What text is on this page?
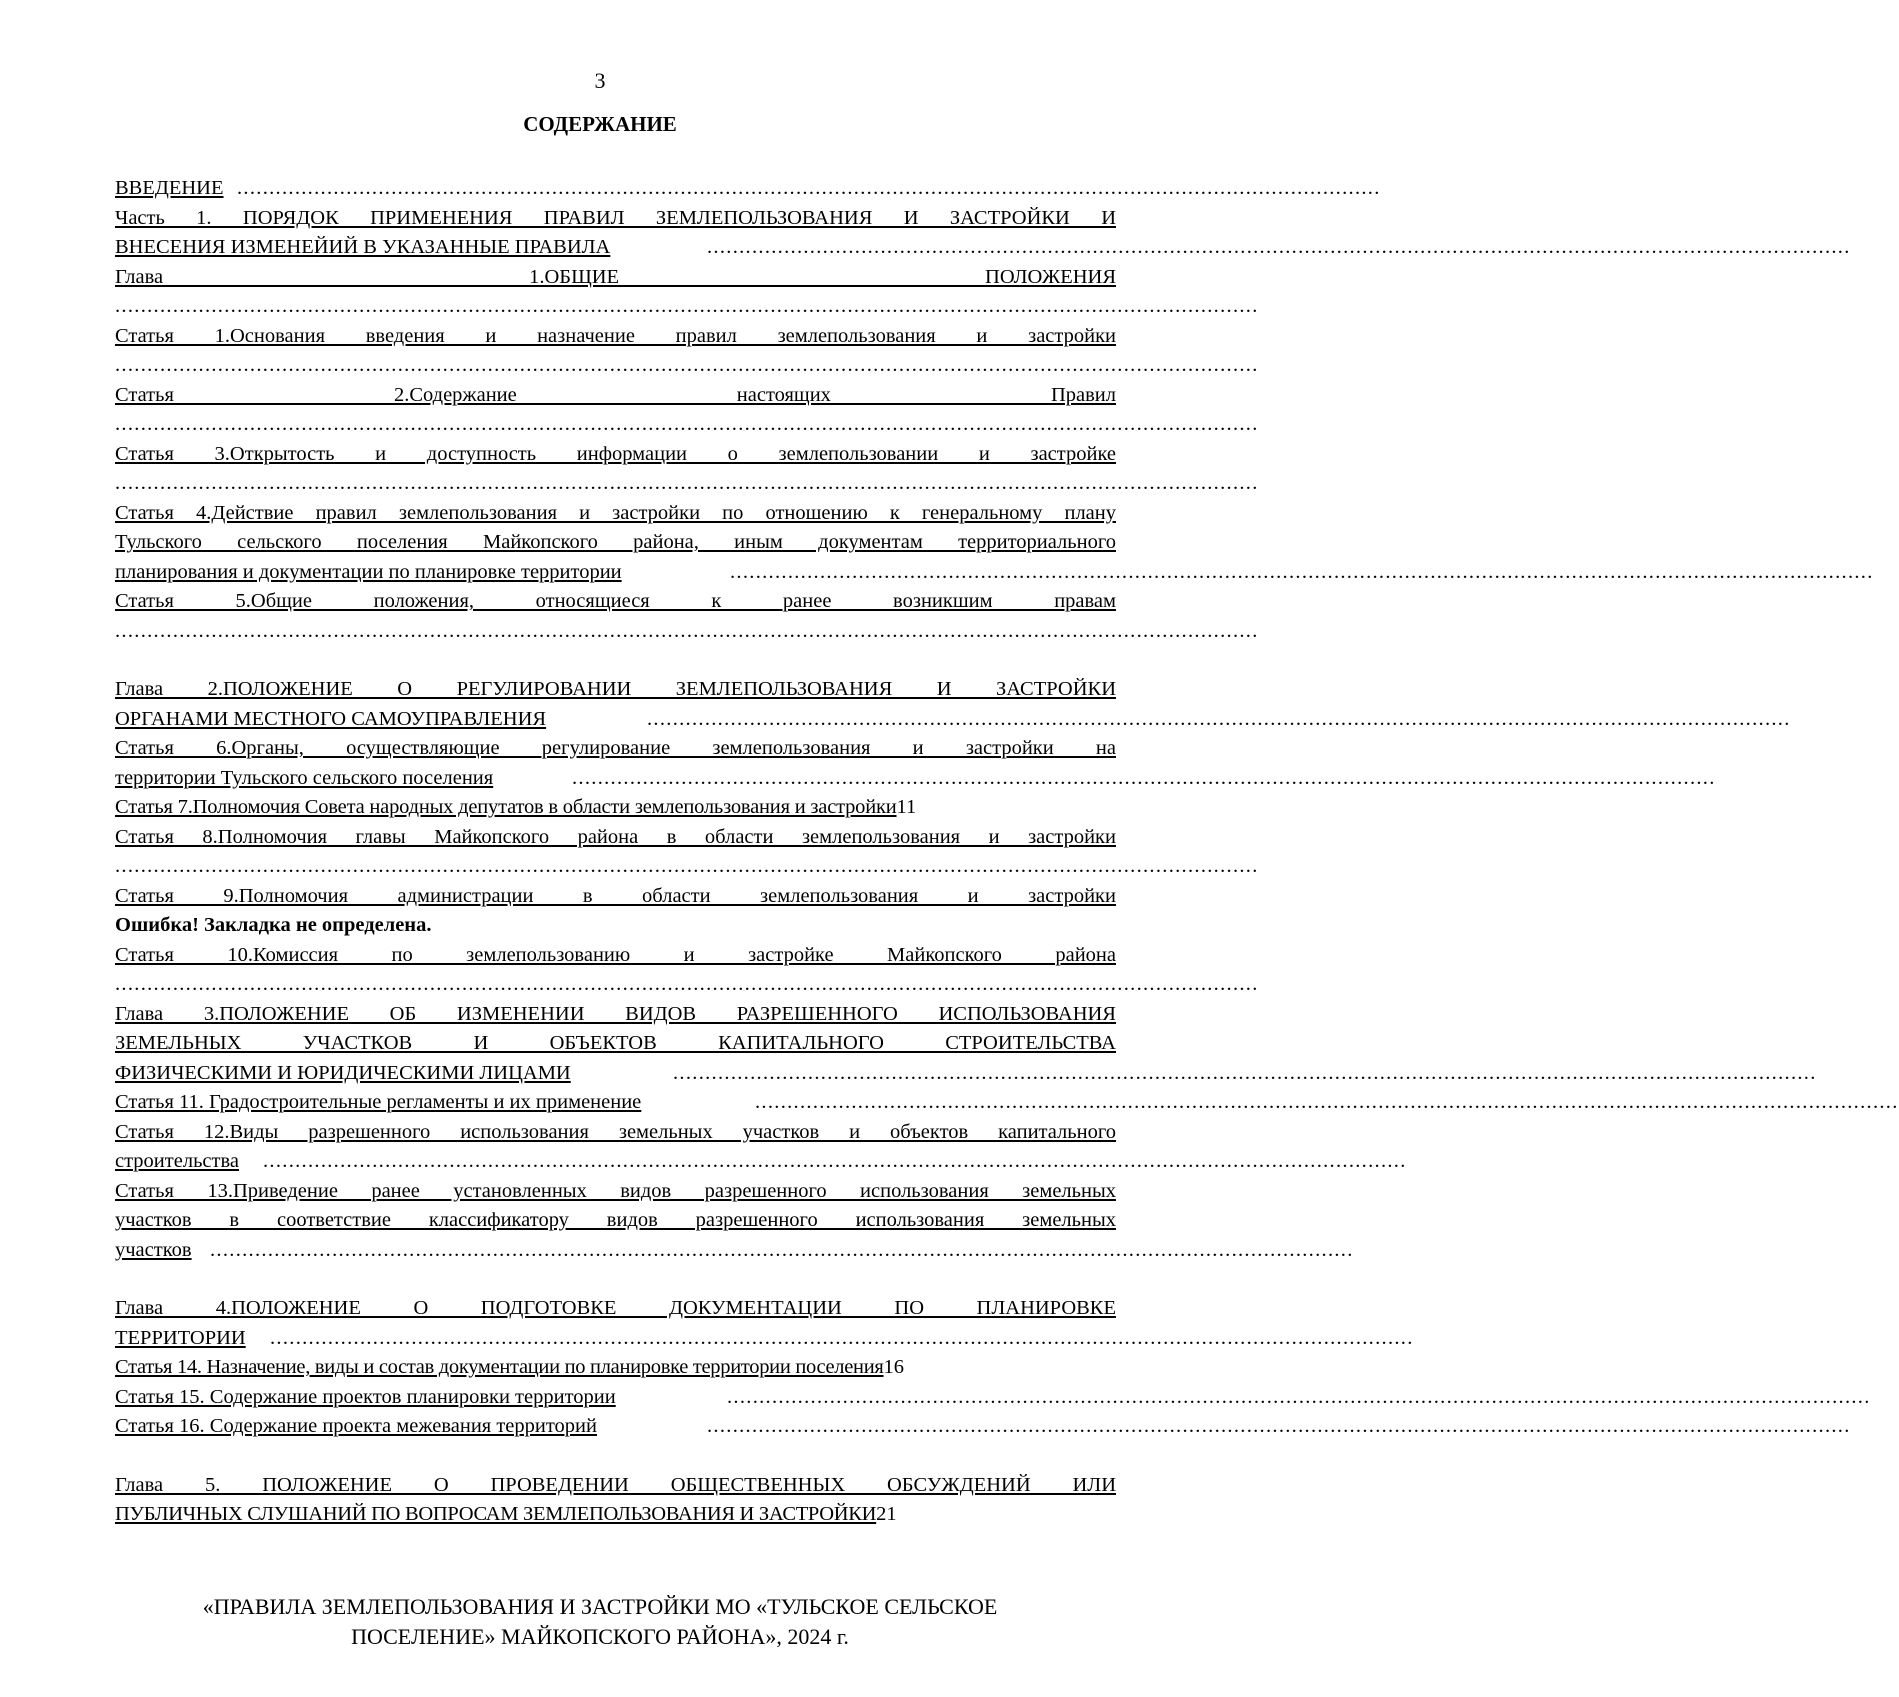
3
СОДЕРЖАНИЕ
ВВЕДЕНИЕ ..................................................................................................................................................................................
Часть 1. ПОРЯДОК ПРИМЕНЕНИЯ ПРАВИЛ ЗЕМЛЕПОЛЬЗОВАНИЯ И ЗАСТРОЙКИ И
ВНЕСЕНИЯ ИЗМЕНЕЙИЙ В УКАЗАННЫЕ ПРАВИЛА	..................................................................................................................................................................................
Глава 1.ОБЩИЕ ПОЛОЖЕНИЯ
..................................................................................................................................................................................
Статья 1.Основания введения и назначение правил землепользования и застройки
..................................................................................................................................................................................
Статья 2.Содержание настоящих Правил
..................................................................................................................................................................................
Статья 3.Открытость и доступность информации о землепользовании и застройке
..................................................................................................................................................................................
Статья 4.Действие правил землепользования и застройки по отношению к генеральному плану
Тульского сельского поселения Майкопского района, иным документам территориального
планирования и документации по планировке территории	..................................................................................................................................................................................
Статья 5.Общие положения, относящиеся к ранее возникшим правам
..................................................................................................................................................................................
Глава 2.ПОЛОЖЕНИЕ О РЕГУЛИРОВАНИИ ЗЕМЛЕПОЛЬЗОВАНИЯ И ЗАСТРОЙКИ
ОРГАНАМИ МЕСТНОГО САМОУПРАВЛЕНИЯ	..................................................................................................................................................................................
Статья 6.Органы, осуществляющие регулирование землепользования и застройки на
территории Тульского сельского поселения	..................................................................................................................................................................................
Статья 7.Полномочия Совета народных депутатов в области землепользования и застройки11
Статья 8.Полномочия главы Майкопского района в области землепользования и застройки
..................................................................................................................................................................................
Статья 9.Полномочия администрации в области землепользования и застройки
Ошибка! Закладка не определена.
Статья 10.Комиссия по землепользованию и застройке Майкопского района
..................................................................................................................................................................................
Глава 3.ПОЛОЖЕНИЕ ОБ ИЗМЕНЕНИИ ВИДОВ РАЗРЕШЕННОГО ИСПОЛЬЗОВАНИЯ
ЗЕМЕЛЬНЫХ УЧАСТКОВ И ОБЪЕКТОВ КАПИТАЛЬНОГО СТРОИТЕЛЬСТВА
ФИЗИЧЕСКИМИ И ЮРИДИЧЕСКИМИ ЛИЦАМИ	..................................................................................................................................................................................
Статья 11. Градостроительные регламенты и их применение	..................................................................................................................................................................................
Статья 12.Виды разрешенного использования земельных участков и объектов капитального
строительства ..................................................................................................................................................................................
Статья 13.Приведение ранее установленных видов разрешенного использования земельных
участков в соответствие классификатору видов разрешенного использования земельных
участков ..................................................................................................................................................................................
Глава 4.ПОЛОЖЕНИЕ О ПОДГОТОВКЕ ДОКУМЕНТАЦИИ ПО ПЛАНИРОВКЕ
ТЕРРИТОРИИ ..................................................................................................................................................................................
Статья 14. Назначение, виды и состав документации по планировке территории поселения16
Статья 15. Содержание проектов планировки территории	..................................................................................................................................................................................
Статья 16. Содержание проекта межевания территорий	..................................................................................................................................................................................
Глава 5. ПОЛОЖЕНИЕ О ПРОВЕДЕНИИ ОБЩЕСТВЕННЫХ ОБСУЖДЕНИЙ ИЛИ
ПУБЛИЧНЫХ СЛУШАНИЙ ПО ВОПРОСАМ ЗЕМЛЕПОЛЬЗОВАНИЯ И ЗАСТРОЙКИ21
«ПРАВИЛА ЗЕМЛЕПОЛЬЗОВАНИЯ И ЗАСТРОЙКИ МО «ТУЛЬСКОЕ СЕЛЬСКОЕ
ПОСЕЛЕНИЕ» МАЙКОПСКОГО РАЙОНА», 2024 г.
